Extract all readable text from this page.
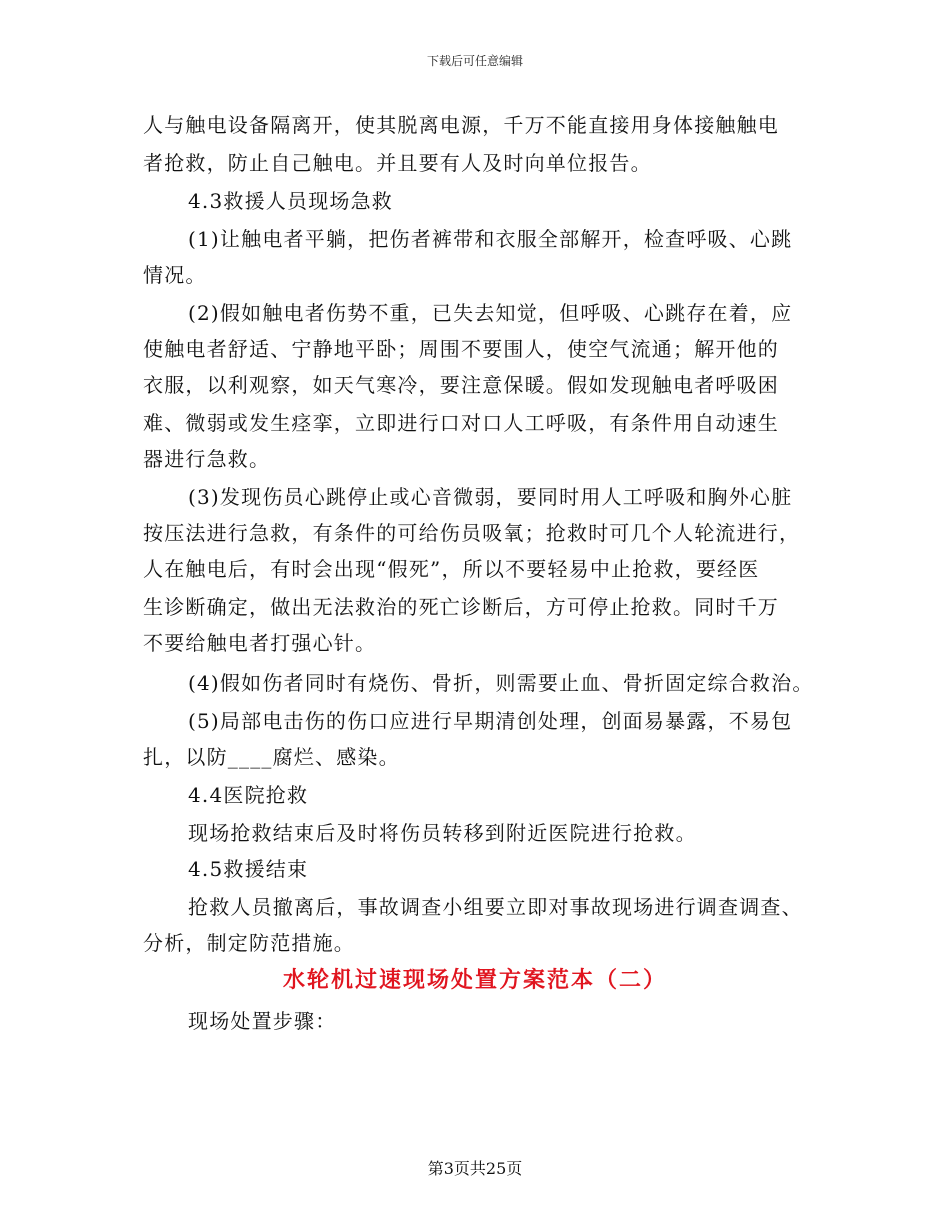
下载后可任意编辑
人与触电设备隔离开，使其脱离电源，千万不能直接用身体接触触电
者抢救，防止自己触电。并且要有人及时向单位报告。
4.3救援人员现场急救
(1)让触电者平躺，把伤者裤带和衣服全部解开，检查呼吸、心跳
情况。
(2)假如触电者伤势不重，已失去知觉，但呼吸、心跳存在着，应
使触电者舒适、宁静地平卧；周围不要围人，使空气流通；解开他的
衣服，以利观察，如天气寒冷，要注意保暖。假如发现触电者呼吸困
难、微弱或发生痉挛，立即进行口对口人工呼吸，有条件用自动速生
器进行急救。
(3)发现伤员心跳停止或心音微弱，要同时用人工呼吸和胸外心脏
按压法进行急救，有条件的可给伤员吸氧；抢救时可几个人轮流进行，
人在触电后，有时会出现“假死”，所以不要轻易中止抢救，要经医
生诊断确定，做出无法救治的死亡诊断后，方可停止抢救。同时千万
不要给触电者打强心针。
(4)假如伤者同时有烧伤、骨折，则需要止血、骨折固定综合救治。
(5)局部电击伤的伤口应进行早期清创处理，创面易暴露，不易包
扎，以防____腐烂、感染。
4.4医院抢救
现场抢救结束后及时将伤员转移到附近医院进行抢救。
4.5救援结束
抢救人员撤离后，事故调查小组要立即对事故现场进行调查调查、
分析，制定防范措施。
水轮机过速现场处置方案范本（二）
现场处置步骤：
第3页共25页
